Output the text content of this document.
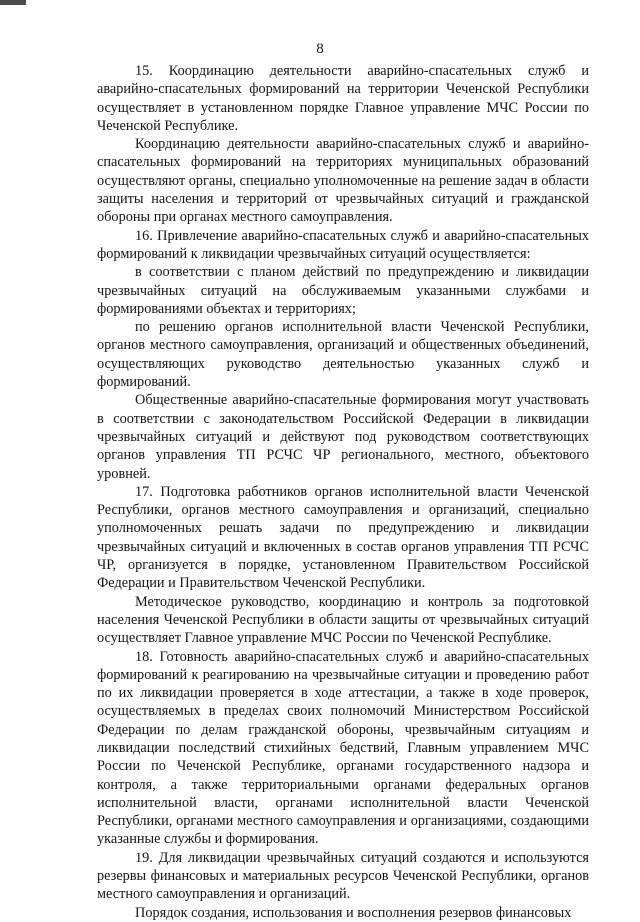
8

15. Координацию деятельности аварийно-спасательных служб и аварийно-спасательных формирований на территории Чеченской Республики осуществляет в установленном порядке Главное управление МЧС России по Чеченской Республике.

Координацию деятельности аварийно-спасательных служб и аварийно-спасательных формирований на территориях муниципальных образований осуществляют органы, специально уполномоченные на решение задач в области защиты населения и территорий от чрезвычайных ситуаций и гражданской обороны при органах местного самоуправления.

16. Привлечение аварийно-спасательных служб и аварийно-спасательных формирований к ликвидации чрезвычайных ситуаций осуществляется:

в соответствии с планом действий по предупреждению и ликвидации чрезвычайных ситуаций на обслуживаемым указанными службами и формированиями объектах и территориях;

по решению органов исполнительной власти Чеченской Республики, органов местного самоуправления, организаций и общественных объединений, осуществляющих руководство деятельностью указанных служб и формирований.

Общественные аварийно-спасательные формирования могут участвовать в соответствии с законодательством Российской Федерации в ликвидации чрезвычайных ситуаций и действуют под руководством соответствующих органов управления ТП РСЧС ЧР регионального, местного, объектового уровней.

17. Подготовка работников органов исполнительной власти Чеченской Республики, органов местного самоуправления и организаций, специально уполномоченных решать задачи по предупреждению и ликвидации чрезвычайных ситуаций и включенных в состав органов управления ТП РСЧС ЧР, организуется в порядке, установленном Правительством Российской Федерации и Правительством Чеченской Республики.

Методическое руководство, координацию и контроль за подготовкой населения Чеченской Республики в области защиты от чрезвычайных ситуаций осуществляет Главное управление МЧС России по Чеченской Республике.

18. Готовность аварийно-спасательных служб и аварийно-спасательных формирований к реагированию на чрезвычайные ситуации и проведению работ по их ликвидации проверяется в ходе аттестации, а также в ходе проверок, осуществляемых в пределах своих полномочий Министерством Российской Федерации по делам гражданской обороны, чрезвычайным ситуациям и ликвидации последствий стихийных бедствий, Главным управлением МЧС России по Чеченской Республике, органами государственного надзора и контроля, а также территориальными органами федеральных органов исполнительной власти, органами исполнительной власти Чеченской Республики, органами местного самоуправления и организациями, создающими указанные службы и формирования.

19. Для ликвидации чрезвычайных ситуаций создаются и используются резервы финансовых и материальных ресурсов Чеченской Республики, органов местного самоуправления и организаций.

Порядок создания, использования и восполнения резервов финансовых
